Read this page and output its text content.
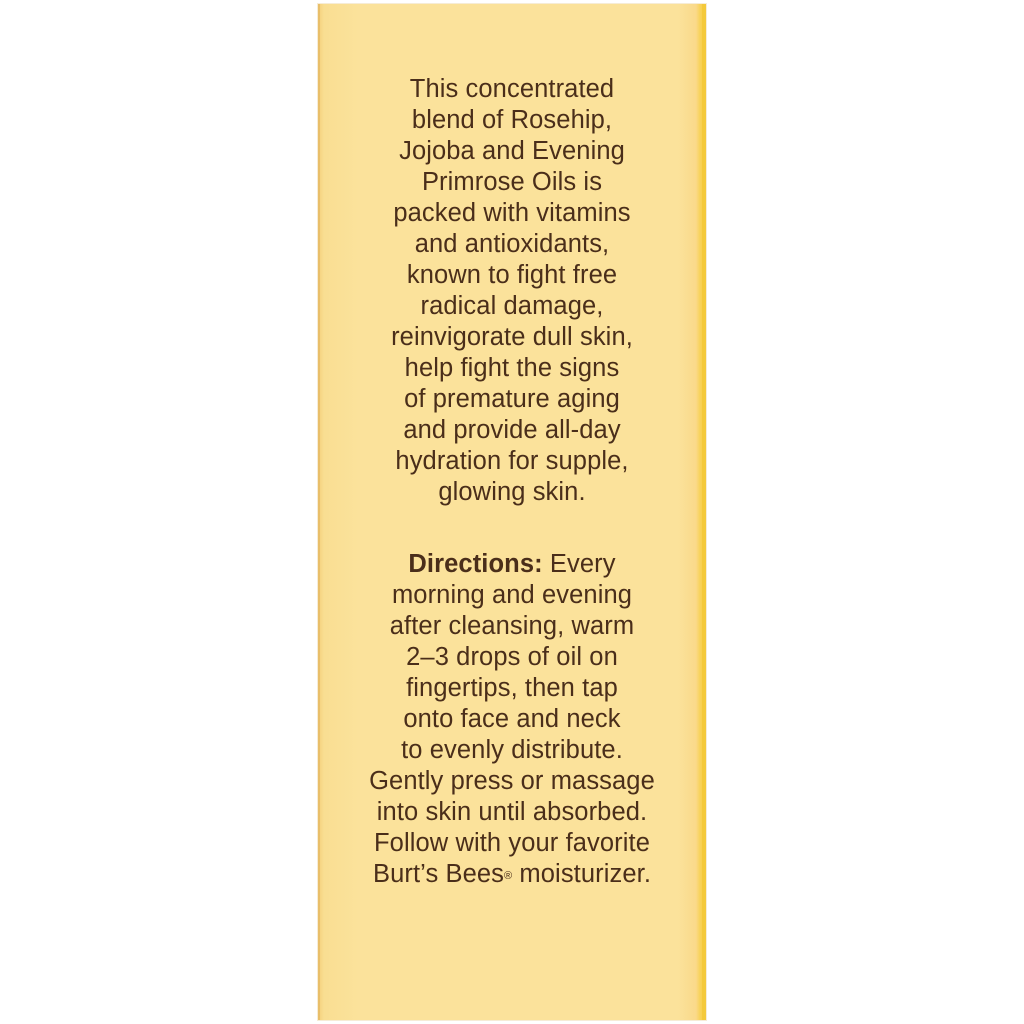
This concentrated
blend of Rosehip,
Jojoba and Evening
Primrose Oils is
packed with vitamins
and antioxidants,
known to fight free
radical damage,
reinvigorate dull skin,
help fight the signs
of premature aging
and provide all-day
hydration for supple,
glowing skin.
Directions: Every
morning and evening
after cleansing, warm
2–3 drops of oil on
fingertips, then tap
onto face and neck
to evenly distribute.
Gently press or massage
into skin until absorbed.
Follow with your favorite
Burt’s Bees® moisturizer.
